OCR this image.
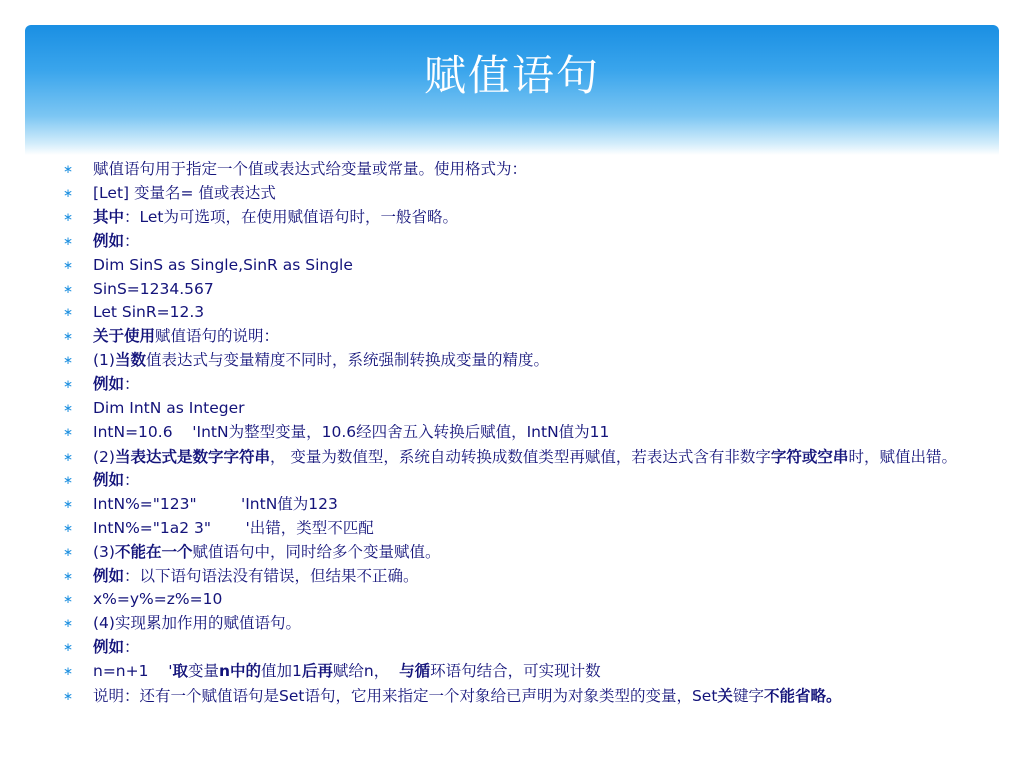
赋值语句
∗ 赋值语句用于指定一个值或表达式给变量或常量。使用格式为：
∗ [Let] 变量名= 值或表达式
∗ 其中：Let为可选项，在使用赋值语句时，一般省略。
∗ 例如：
∗ Dim SinS as Single,SinR as Single
∗ SinS=1234.567
∗ Let SinR=12.3
∗ 关于使用赋值语句的说明：
∗ (1)当数值表达式与变量精度不同时，系统强制转换成变量的精度。
∗ 例如：
∗ Dim IntN as Integer
∗ IntN=10.6    'IntN为整型变量，10.6经四舍五入转换后赋值，IntN值为11
∗ (2)当表达式是数字字符串， 变量为数值型，系统自动转换成数值类型再赋值，若表达式含有非数字字符或空串时，赋值出错。
∗ 例如：
∗ IntN%="123"         'IntN值为123
∗ IntN%="1a2 3"       '出错，类型不匹配
∗ (3)不能在一个赋值语句中，同时给多个变量赋值。
∗ 例如：以下语句语法没有错误，但结果不正确。
∗ x%=y%=z%=10
∗ (4)实现累加作用的赋值语句。
∗ 例如：
∗ n=n+1    '取变量n中的值加1后再赋给n，  与循环语句结合，可实现计数
∗ 说明：还有一个赋值语句是Set语句，它用来指定一个对象给已声明为对象类型的变量，Set关键字不能省略。
